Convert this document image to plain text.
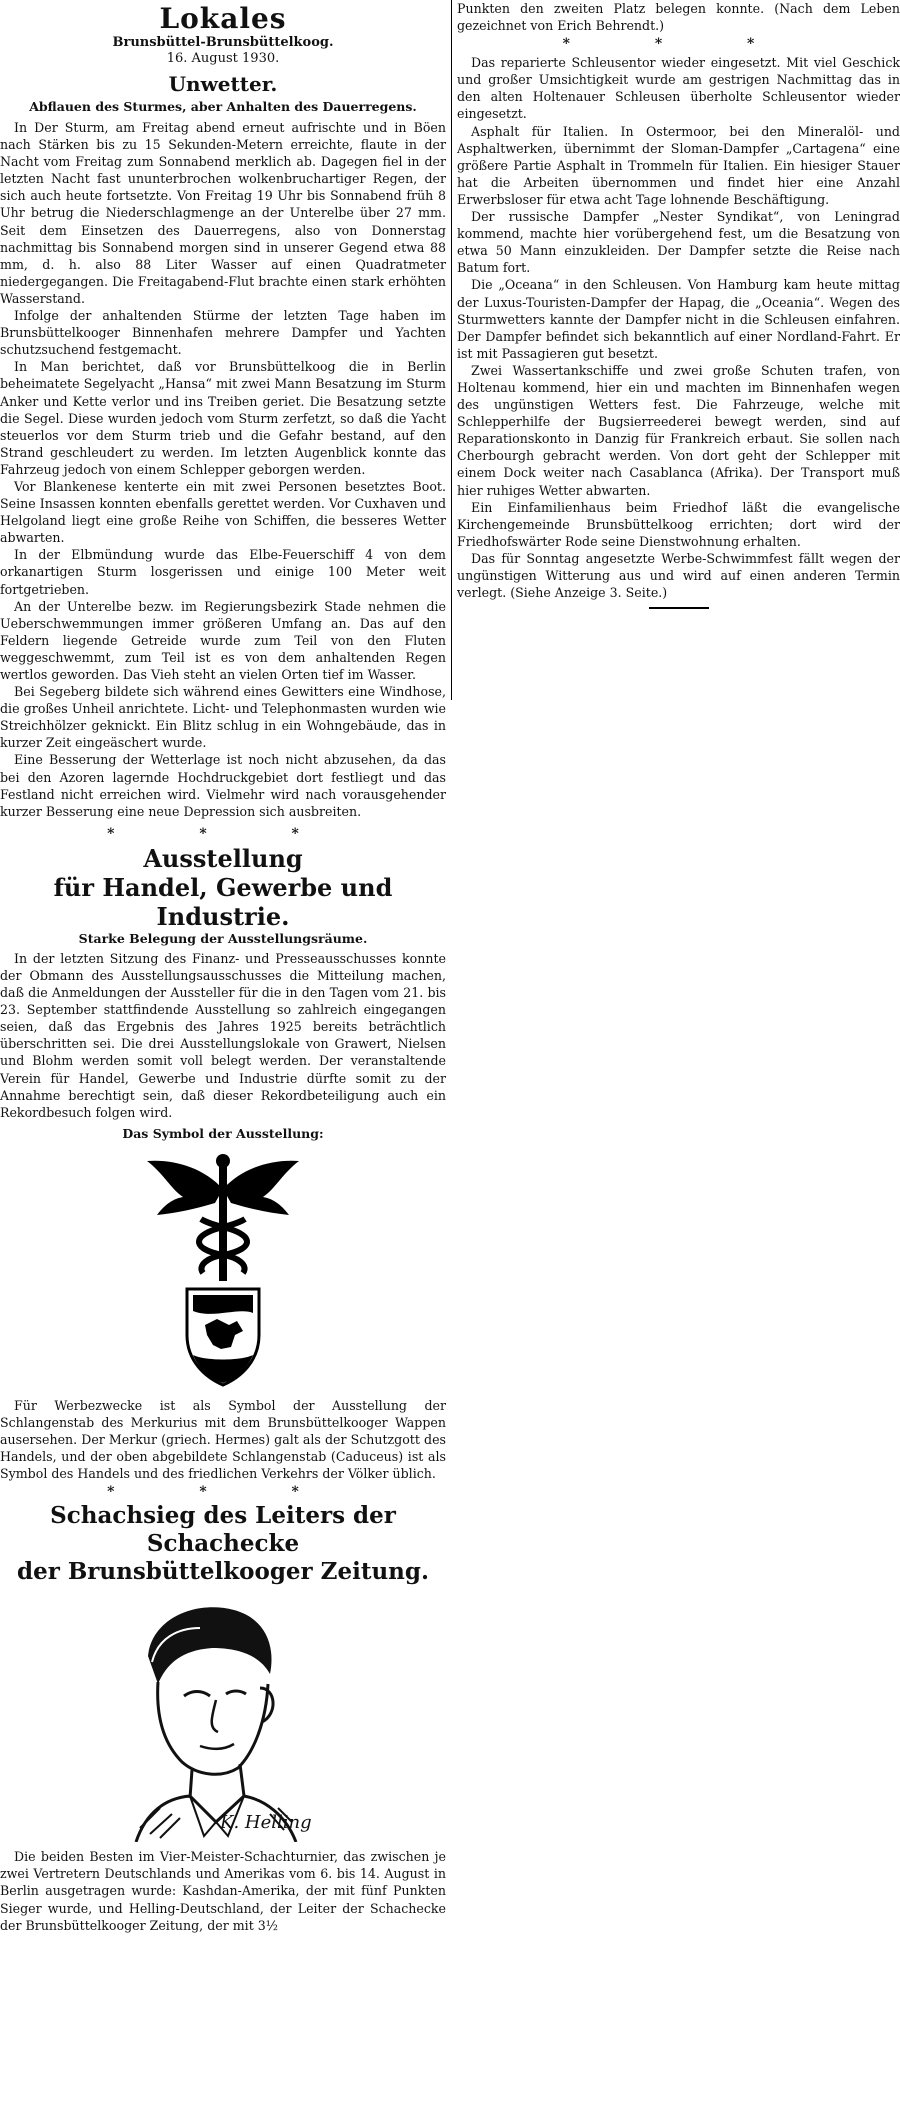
Lokales
Brunsbüttel-Brunsbüttelkoog.
16. August 1930.
Unwetter.
Abflauen des Sturmes, aber Anhalten des Dauerregens.

In Der Sturm, am Freitag abend erneut aufrischte und in Böen nach Stärken bis zu 15 Sekunden-Metern erreichte, flaute in der Nacht vom Freitag zum Sonnabend merklich ab. Dagegen fiel in der letzten Nacht fast ununterbrochen wolkenbruchartiger Regen, der sich auch heute fortsetzte. Von Freitag 19 Uhr bis Sonnabend früh 8 Uhr betrug die Niederschlagmenge an der Unterelbe über 27 mm. Seit dem Einsetzen des Dauerregens, also von Donnerstag nachmittag bis Sonnabend morgen sind in unserer Gegend etwa 88 mm, d. h. also 88 Liter Wasser auf einen Quadratmeter niedergegangen. Die Freitagabend-Flut brachte einen stark erhöhten Wasserstand.

Infolge der anhaltenden Stürme der letzten Tage haben im Brunsbüttelkooger Binnenhafen mehrere Dampfer und Yachten schutzsuchend festgemacht.

In Man berichtet, daß vor Brunsbüttelkoog die in Berlin beheimatete Segelyacht „Hansa“ mit zwei Mann Besatzung im Sturm Anker und Kette verlor und ins Treiben geriet. Die Besatzung setzte die Segel. Diese wurden jedoch vom Sturm zerfetzt, so daß die Yacht steuerlos vor dem Sturm trieb und die Gefahr bestand, auf den Strand geschleudert zu werden. Im letzten Augenblick konnte das Fahrzeug jedoch von einem Schlepper geborgen werden.

Vor Blankenese kenterte ein mit zwei Personen besetztes Boot. Seine Insassen konnten ebenfalls gerettet werden. Vor Cuxhaven und Helgoland liegt eine große Reihe von Schiffen, die besseres Wetter abwarten.

In der Elbmündung wurde das Elbe-Feuerschiff 4 von dem orkanartigen Sturm losgerissen und einige 100 Meter weit fortgetrieben.

An der Unterelbe bezw. im Regierungsbezirk Stade nehmen die Ueberschwemmungen immer größeren Umfang an. Das auf den Feldern liegende Getreide wurde zum Teil von den Fluten weggeschwemmt, zum Teil ist es von dem anhaltenden Regen wertlos geworden. Das Vieh steht an vielen Orten tief im Wasser.

Bei Segeberg bildete sich während eines Gewitters eine Windhose, die großes Unheil anrichtete. Licht- und Telephonmasten wurden wie Streichhölzer geknickt. Ein Blitz schlug in ein Wohngebäude, das in kurzer Zeit eingeäschert wurde.

Eine Besserung der Wetterlage ist noch nicht abzusehen, da das bei den Azoren lagernde Hochdruckgebiet dort festliegt und das Festland nicht erreichen wird. Vielmehr wird nach vorausgehender kurzer Besserung eine neue Depression sich ausbreiten.

* * *
Ausstellung
für Handel, Gewerbe und Industrie.
Starke Belegung der Ausstellungsräume.

In der letzten Sitzung des Finanz- und Presseausschusses konnte der Obmann des Ausstellungsausschusses die Mitteilung machen, daß die Anmeldungen der Aussteller für die in den Tagen vom 21. bis 23. September stattfindende Ausstellung so zahlreich eingegangen seien, daß das Ergebnis des Jahres 1925 bereits beträchtlich überschritten sei. Die drei Ausstellungslokale von Grawert, Nielsen und Blohm werden somit voll belegt werden. Der veranstaltende Verein für Handel, Gewerbe und Industrie dürfte somit zu der Annahme berechtigt sein, daß dieser Rekordbeteiligung auch ein Rekordbesuch folgen wird.

Das Symbol der Ausstellung:

Für Werbezwecke ist als Symbol der Ausstellung der Schlangenstab des Merkurius mit dem Brunsbüttelkooger Wappen ausersehen. Der Merkur (griech. Hermes) galt als der Schutzgott des Handels, und der oben abgebildete Schlangenstab (Caduceus) ist als Symbol des Handels und des friedlichen Verkehrs der Völker üblich.

* * *
Schachsieg des Leiters der Schachecke
der Brunsbüttelkooger Zeitung.
K. Helling

Die beiden Besten im Vier-Meister-Schachturnier, das zwischen je zwei Vertretern Deutschlands und Amerikas vom 6. bis 14. August in Berlin ausgetragen wurde: Kashdan-Amerika, der mit fünf Punkten Sieger wurde, und Helling-Deutschland, der Leiter der Schachecke der Brunsbüttelkooger Zeitung, der mit 3½

Punkten den zweiten Platz belegen konnte. (Nach dem Leben gezeichnet von Erich Behrendt.)

* * *

Das reparierte Schleusentor wieder eingesetzt. Mit viel Geschick und großer Umsichtigkeit wurde am gestrigen Nachmittag das in den alten Holtenauer Schleusen überholte Schleusentor wieder eingesetzt.

Asphalt für Italien. In Ostermoor, bei den Mineralöl- und Asphaltwerken, übernimmt der Sloman-Dampfer „Cartagena“ eine größere Partie Asphalt in Trommeln für Italien. Ein hiesiger Stauer hat die Arbeiten übernommen und findet hier eine Anzahl Erwerbsloser für etwa acht Tage lohnende Beschäftigung.

Der russische Dampfer „Nester Syndikat“, von Leningrad kommend, machte hier vorübergehend fest, um die Besatzung von etwa 50 Mann einzukleiden. Der Dampfer setzte die Reise nach Batum fort.

Die „Oceana“ in den Schleusen. Von Hamburg kam heute mittag der Luxus-Touristen-Dampfer der Hapag, die „Oceania“. Wegen des Sturmwetters kannte der Dampfer nicht in die Schleusen einfahren. Der Dampfer befindet sich bekanntlich auf einer Nordland-Fahrt. Er ist mit Passagieren gut besetzt.

Zwei Wassertankschiffe und zwei große Schuten trafen, von Holtenau kommend, hier ein und machten im Binnenhafen wegen des ungünstigen Wetters fest. Die Fahrzeuge, welche mit Schlepperhilfe der Bugsierreederei bewegt werden, sind auf Reparationskonto in Danzig für Frankreich erbaut. Sie sollen nach Cherbourgh gebracht werden. Von dort geht der Schlepper mit einem Dock weiter nach Casablanca (Afrika). Der Transport muß hier ruhiges Wetter abwarten.

Ein Einfamilienhaus beim Friedhof läßt die evangelische Kirchengemeinde Brunsbüttelkoog errichten; dort wird der Friedhofswärter Rode seine Dienstwohnung erhalten.

Das für Sonntag angesetzte Werbe-Schwimmfest fällt wegen der ungünstigen Witterung aus und wird auf einen anderen Termin verlegt. (Siehe Anzeige 3. Seite.)
